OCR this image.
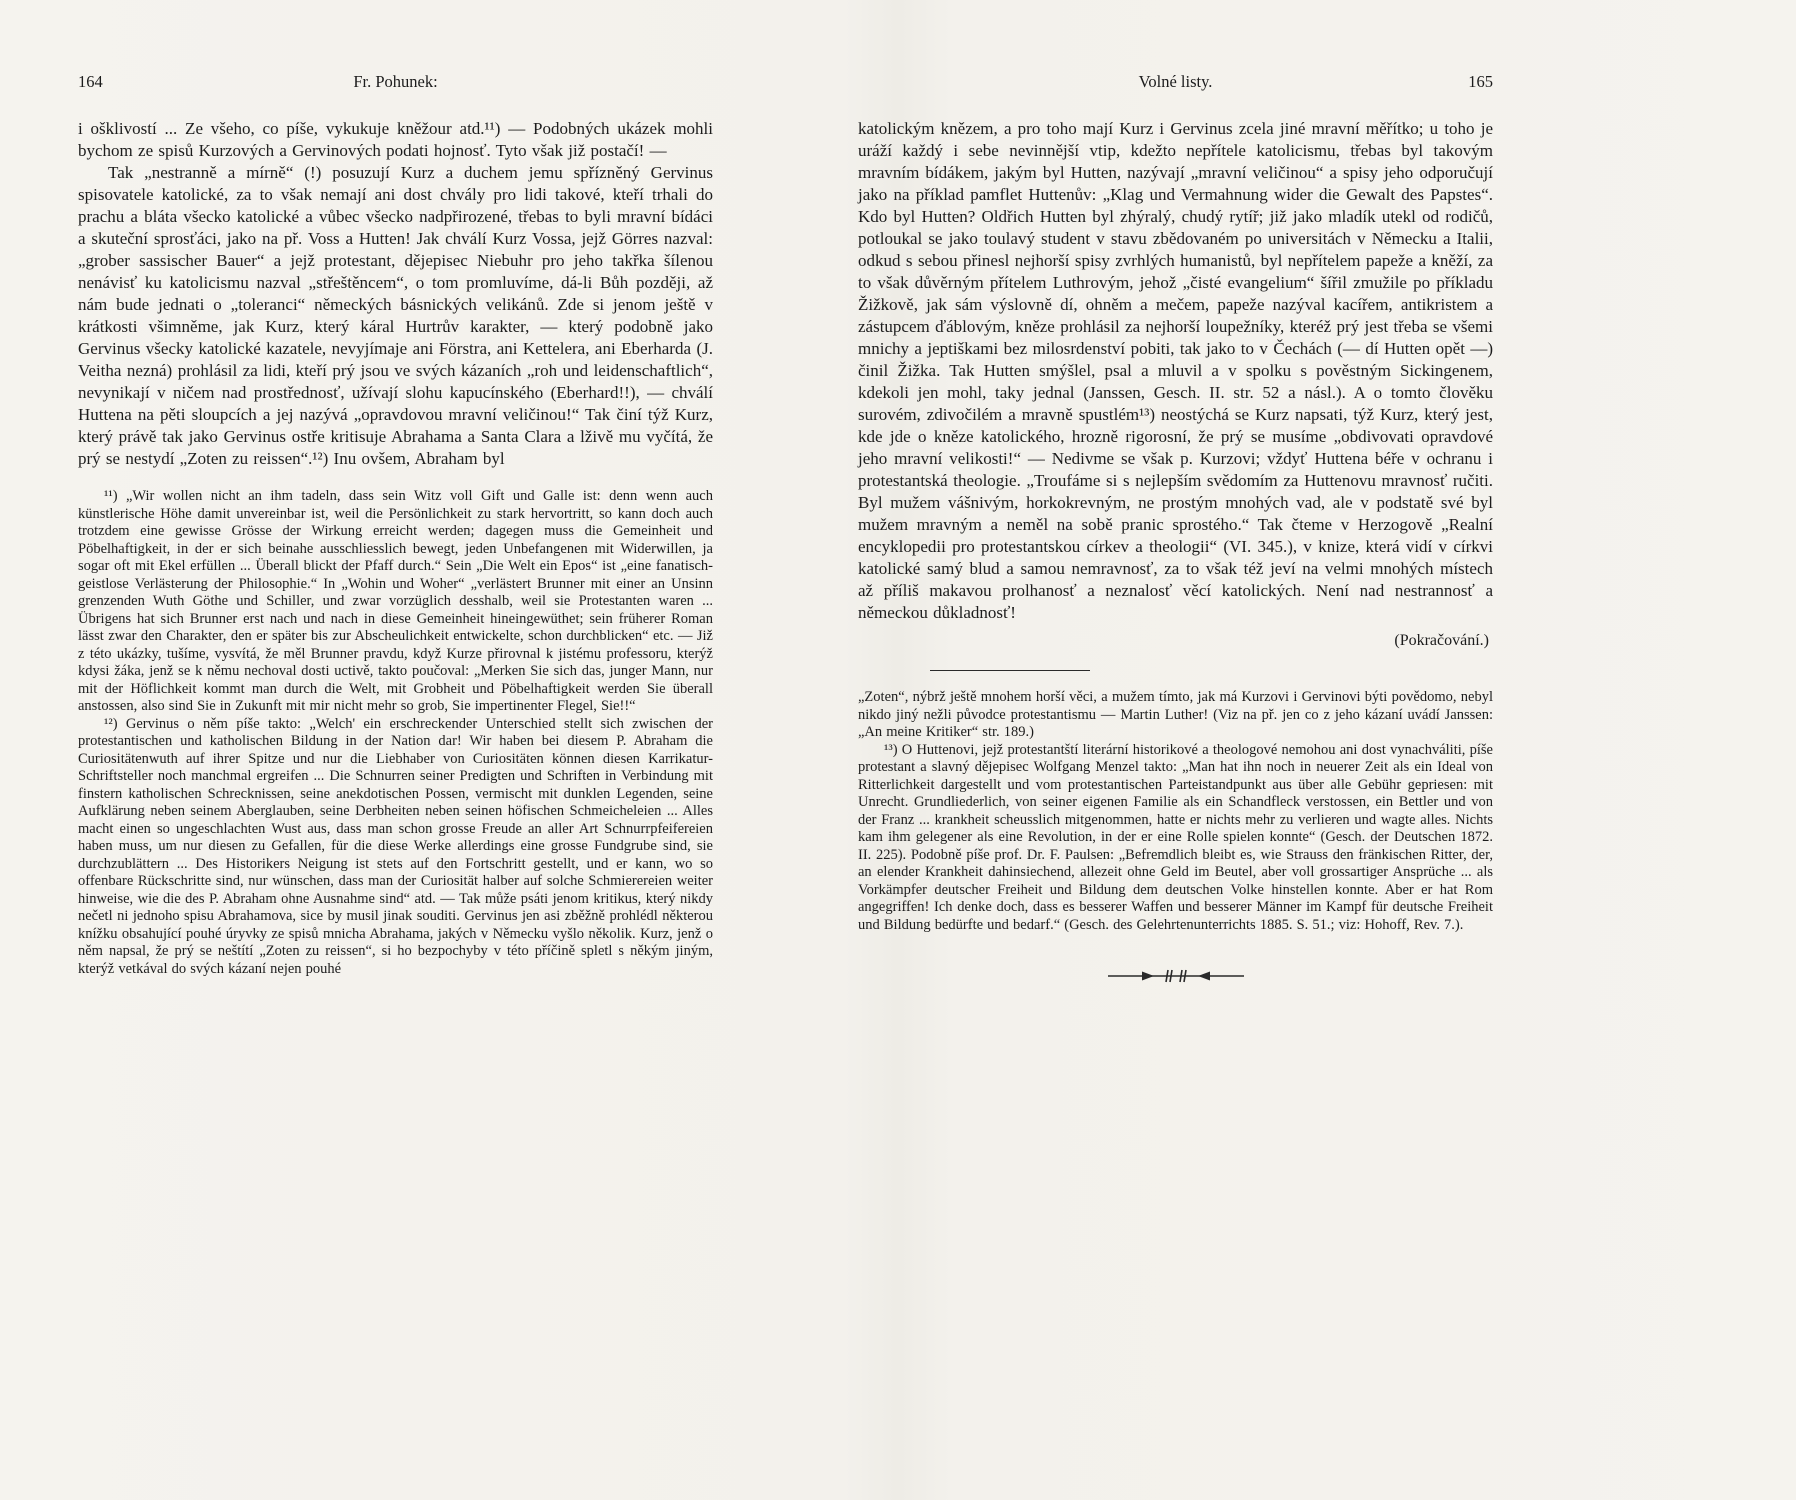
164	Fr. Pohunek:

i ošklivostí ... Ze všeho, co píše, vykukuje kněžour atd.¹¹) — Podobných ukázek mohli bychom ze spisů Kurzových a Gervinových podati hojnosť. Tyto však již postačí! —

Tak „nestranně a mírně“ (!) posuzují Kurz a duchem jemu spřízněný Gervinus spisovatele katolické, za to však nemají ani dost chvály pro lidi takové, kteří trhali do prachu a bláta všecko katolické a vůbec všecko nadpřirozené, třebas to byli mravní bídáci a skuteční sprosťáci, jako na př. Voss a Hutten! Jak chválí Kurz Vossa, jejž Görres nazval: „grober sassischer Bauer“ a jejž protestant, dějepisec Niebuhr pro jeho takřka šílenou nenávisť ku katolicismu nazval „střeštěncem“, o tom promluvíme, dá-li Bůh později, až nám bude jednati o „toleranci“ německých básnických velikánů. Zde si jenom ještě v krátkosti všimněme, jak Kurz, který káral Hurtrův karakter, — který podobně jako Gervinus všecky katolické kazatele, nevyjímaje ani Förstra, ani Kettelera, ani Eberharda (J. Veitha nezná) prohlásil za lidi, kteří prý jsou ve svých kázaních „roh und leidenschaftlich“, nevynikají v ničem nad prostřednosť, užívají slohu kapucínského (Eberhard!!), — chválí Huttena na pěti sloupcích a jej nazývá „opravdovou mravní veličinou!“ Tak činí týž Kurz, který právě tak jako Gervinus ostře kritisuje Abrahama a Santa Clara a lživě mu vyčítá, že prý se nestydí „Zoten zu reissen“.¹²) Inu ovšem, Abraham byl

¹¹) „Wir wollen nicht an ihm tadeln, dass sein Witz voll Gift und Galle ist: denn wenn auch künstlerische Höhe damit unvereinbar ist, weil die Persönlichkeit zu stark hervortritt, so kann doch auch trotzdem eine gewisse Grösse der Wirkung erreicht werden; dagegen muss die Gemeinheit und Pöbelhaftigkeit, in der er sich beinahe ausschliesslich bewegt, jeden Unbefangenen mit Widerwillen, ja sogar oft mit Ekel erfüllen ... Überall blickt der Pfaff durch.“ Sein „Die Welt ein Epos“ ist „eine fanatisch-geistlose Verlästerung der Philosophie.“ In „Wohin und Woher“ „verlästert Brunner mit einer an Unsinn grenzenden Wuth Göthe und Schiller, und zwar vorzüglich desshalb, weil sie Protestanten waren ... Übrigens hat sich Brunner erst nach und nach in diese Gemeinheit hineingewüthet; sein früherer Roman lässt zwar den Charakter, den er später bis zur Abscheulichkeit entwickelte, schon durchblicken“ etc. — Již z této ukázky, tušíme, vysvítá, že měl Brunner pravdu, když Kurze přirovnal k jistému professoru, kterýž kdysi žáka, jenž se k němu nechoval dosti uctivě, takto poučoval: „Merken Sie sich das, junger Mann, nur mit der Höflichkeit kommt man durch die Welt, mit Grobheit und Pöbelhaftigkeit werden Sie überall anstossen, also sind Sie in Zukunft mit mir nicht mehr so grob, Sie impertinenter Flegel, Sie!!“

¹²) Gervinus o něm píše takto: „Welch' ein erschreckender Unterschied stellt sich zwischen der protestantischen und katholischen Bildung in der Nation dar! Wir haben bei diesem P. Abraham die Curiositätenwuth auf ihrer Spitze und nur die Liebhaber von Curiositäten können diesen Karrikatur-Schriftsteller noch manchmal ergreifen ... Die Schnurren seiner Predigten und Schriften in Verbindung mit finstern katholischen Schrecknissen, seine anekdotischen Possen, vermischt mit dunklen Legenden, seine Aufklärung neben seinem Aberglauben, seine Derbheiten neben seinen höfischen Schmeicheleien ... Alles macht einen so ungeschlachten Wust aus, dass man schon grosse Freude an aller Art Schnurrpfeifereien haben muss, um nur diesen zu Gefallen, für die diese Werke allerdings eine grosse Fundgrube sind, sie durchzublättern ... Des Historikers Neigung ist stets auf den Fortschritt gestellt, und er kann, wo so offenbare Rückschritte sind, nur wünschen, dass man der Curiosität halber auf solche Schmierereien weiter hinweise, wie die des P. Abraham ohne Ausnahme sind“ atd. — Tak může psáti jenom kritikus, který nikdy nečetl ni jednoho spisu Abrahamova, sice by musil jinak souditi. Gervinus jen asi zběžně prohlédl některou knížku obsahující pouhé úryvky ze spisů mnicha Abrahama, jakých v Německu vyšlo několik. Kurz, jenž o něm napsal, že prý se neštítí „Zoten zu reissen“, si ho bezpochyby v této příčině spletl s někým jiným, kterýž vetkával do svých kázaní nejen pouhé

Volné listy.	165

katolickým knězem, a pro toho mají Kurz i Gervinus zcela jiné mravní měřítko; u toho je uráží každý i sebe nevinnější vtip, kdežto nepřítele katolicismu, třebas byl takovým mravním bídákem, jakým byl Hutten, nazývají „mravní veličinou“ a spisy jeho odporučují jako na příklad pamflet Huttenův: „Klag und Vermahnung wider die Gewalt des Papstes“. Kdo byl Hutten? Oldřich Hutten byl zhýralý, chudý rytíř; již jako mladík utekl od rodičů, potloukal se jako toulavý student v stavu zbědovaném po universitách v Německu a Italii, odkud s sebou přinesl nejhorší spisy zvrhlých humanistů, byl nepřítelem papeže a kněží, za to však důvěrným přítelem Luthrovým, jehož „čisté evangelium“ šířil zmužile po příkladu Žižkově, jak sám výslovně dí, ohněm a mečem, papeže nazýval kacířem, antikristem a zástupcem ďáblovým, kněze prohlásil za nejhorší loupežníky, kteréž prý jest třeba se všemi mnichy a jeptiškami bez milosrdenství pobiti, tak jako to v Čechách (— dí Hutten opět —) činil Žižka. Tak Hutten smýšlel, psal a mluvil a v spolku s pověstným Sickingenem, kdekoli jen mohl, taky jednal (Janssen, Gesch. II. str. 52 a násl.). A o tomto člověku surovém, zdivočilém a mravně spustlém¹³) neostýchá se Kurz napsati, týž Kurz, který jest, kde jde o kněze katolického, hrozně rigorosní, že prý se musíme „obdivovati opravdové jeho mravní velikosti!“ — Nedivme se však p. Kurzovi; vždyť Huttena béře v ochranu i protestantská theologie. „Troufáme si s nejlepším svědomím za Huttenovu mravnosť ručiti. Byl mužem vášnivým, horkokrevným, ne prostým mnohých vad, ale v podstatě své byl mužem mravným a neměl na sobě pranic sprostého.“ Tak čteme v Herzogově „Realní encyklopedii pro protestantskou církev a theologii“ (VI. 345.), v knize, která vidí v církvi katolické samý blud a samou nemravnosť, za to však též jeví na velmi mnohých místech až příliš makavou prolhanosť a neznalosť věcí katolických. Není nad nestrannosť a německou důkladnosť!

(Pokračování.)

„Zoten“, nýbrž ještě mnohem horší věci, a mužem tímto, jak má Kurzovi i Gervinovi býti povědomo, nebyl nikdo jiný nežli původce protestantismu — Martin Luther! (Viz na př. jen co z jeho kázaní uvádí Janssen: „An meine Kritiker“ str. 189.)

¹³) O Huttenovi, jejž protestantští literární historikové a theologové nemohou ani dost vynachváliti, píše protestant a slavný dějepisec Wolfgang Menzel takto: „Man hat ihn noch in neuerer Zeit als ein Ideal von Ritterlichkeit dargestellt und vom protestantischen Parteistandpunkt aus über alle Gebühr gepriesen: mit Unrecht. Grundliederlich, von seiner eigenen Familie als ein Schandfleck verstossen, ein Bettler und von der Franz ... krankheit scheusslich mitgenommen, hatte er nichts mehr zu verlieren und wagte alles. Nichts kam ihm gelegener als eine Revolution, in der er eine Rolle spielen konnte“ (Gesch. der Deutschen 1872. II. 225). Podobně píše prof. Dr. F. Paulsen: „Befremdlich bleibt es, wie Strauss den fränkischen Ritter, der, an elender Krankheit dahinsiechend, allezeit ohne Geld im Beutel, aber voll grossartiger Ansprüche ... als Vorkämpfer deutscher Freiheit und Bildung dem deutschen Volke hinstellen konnte. Aber er hat Rom angegriffen! Ich denke doch, dass es besserer Waffen und besserer Männer im Kampf für deutsche Freiheit und Bildung bedürfte und bedarf.“ (Gesch. des Gelehrtenunterrichts 1885. S. 51.; viz: Hohoff, Rev. 7.).
